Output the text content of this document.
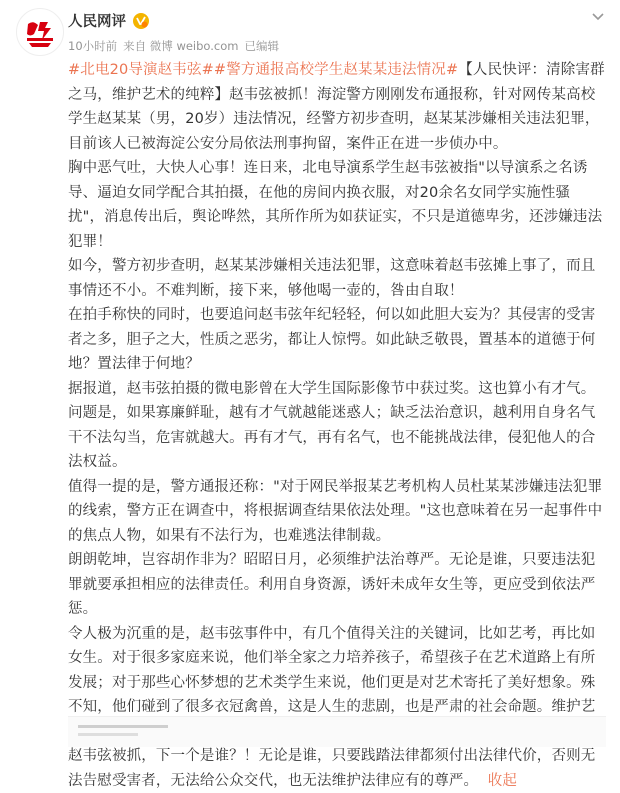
人民网评
10小时前 来自 微博 weibo.com 已编辑

#北电20导演赵韦弦##警方通报高校学生赵某某违法情况#【人民快评：清除害群之马，维护艺术的纯粹】赵韦弦被抓！海淀警方刚刚发布通报称，针对网传某高校学生赵某某（男，20岁）违法情况，经警方初步查明，赵某某涉嫌相关违法犯罪，目前该人已被海淀公安分局依法刑事拘留，案件正在进一步侦办中。

胸中恶气吐，大快人心事！连日来，北电导演系学生赵韦弦被指"以导演系之名诱导、逼迫女同学配合其拍摄，在他的房间内换衣服，对20余名女同学实施性骚扰"，消息传出后，舆论哗然，其所作所为如获证实，不只是道德卑劣，还涉嫌违法犯罪！

如今，警方初步查明，赵某某涉嫌相关违法犯罪，这意味着赵韦弦摊上事了，而且事情还不小。不难判断，接下来，够他喝一壶的，咎由自取！

在拍手称快的同时，也要追问赵韦弦年纪轻轻，何以如此胆大妄为？其侵害的受害者之多，胆子之大，性质之恶劣，都让人惊愕。如此缺乏敬畏，置基本的道德于何地？置法律于何地？

据报道，赵韦弦拍摄的微电影曾在大学生国际影像节中获过奖。这也算小有才气。问题是，如果寡廉鲜耻，越有才气就越能迷惑人；缺乏法治意识，越利用自身名气干不法勾当，危害就越大。再有才气，再有名气，也不能挑战法律，侵犯他人的合法权益。

值得一提的是，警方通报还称："对于网民举报某艺考机构人员杜某某涉嫌违法犯罪的线索，警方正在调查中，将根据调查结果依法处理。"这也意味着在另一起事件中的焦点人物，如果有不法行为，也难逃法律制裁。

朗朗乾坤，岂容胡作非为？昭昭日月，必须维护法治尊严。无论是谁，只要违法犯罪就要承担相应的法律责任。利用自身资源，诱奸未成年女生等，更应受到依法严惩。

令人极为沉重的是，赵韦弦事件中，有几个值得关注的关键词，比如艺考，再比如女生。对于很多家庭来说，他们举全家之力培养孩子，希望孩子在艺术道路上有所发展；对于那些心怀梦想的艺术类学生来说，他们更是对艺术寄托了美好想象。殊不知，他们碰到了很多衣冠禽兽，这是人生的悲剧，也是严肃的社会命题。维护艺

赵韦弦被抓，下一个是谁？！无论是谁，只要践踏法律都须付出法律代价，否则无法告慰受害者，无法给公众交代，也无法维护法律应有的尊严。 收起
